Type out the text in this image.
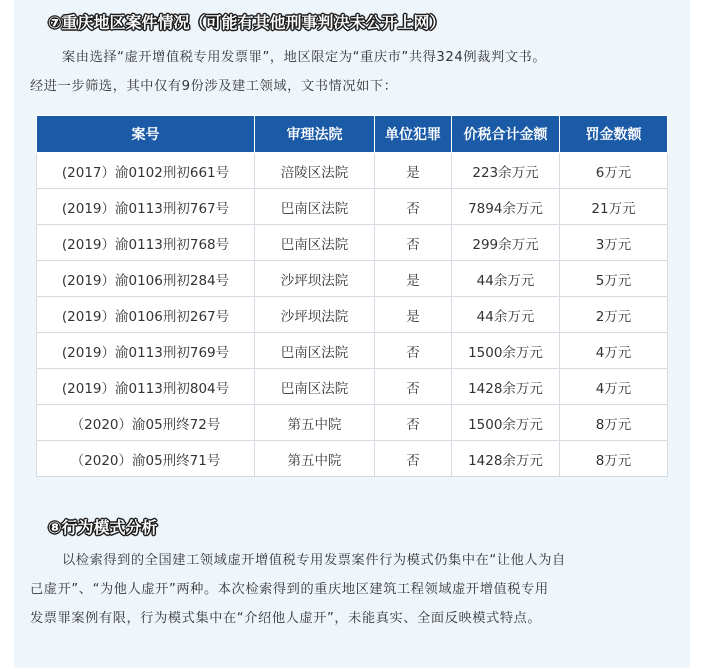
⑦重庆地区案件情况（可能有其他刑事判决未公开上网）
案由选择“虚开增值税专用发票罪”，地区限定为“重庆市”共得324例裁判文书。
经进一步筛选，其中仅有9份涉及建工领域，文书情况如下：
案号	审理法院	单位犯罪	价税合计金额	罚金数额
(2017）渝0102刑初661号	涪陵区法院	是	223余万元	6万元
(2019）渝0113刑初767号	巴南区法院	否	7894余万元	21万元
(2019）渝0113刑初768号	巴南区法院	否	299余万元	3万元
(2019）渝0106刑初284号	沙坪坝法院	是	44余万元	5万元
(2019）渝0106刑初267号	沙坪坝法院	是	44余万元	2万元
(2019）渝0113刑初769号	巴南区法院	否	1500余万元	4万元
(2019）渝0113刑初804号	巴南区法院	否	1428余万元	4万元
（2020）渝05刑终72号	第五中院	否	1500余万元	8万元
（2020）渝05刑终71号	第五中院	否	1428余万元	8万元
⑧行为模式分析
以检索得到的全国建工领域虚开增值税专用发票案件行为模式仍集中在“让他人为自
己虚开”、“为他人虚开”两种。本次检索得到的重庆地区建筑工程领域虚开增值税专用
发票罪案例有限，行为模式集中在“介绍他人虚开”，未能真实、全面反映模式特点。
